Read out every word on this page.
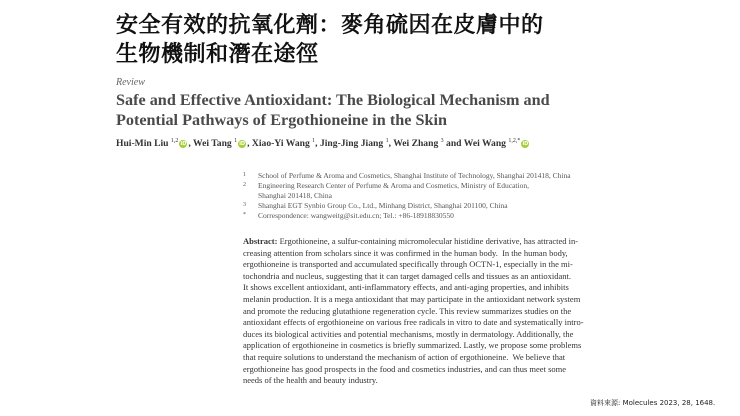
安全有效的抗氧化劑：麥角硫因在皮膚中的
生物機制和潛在途徑
Review
Safe and Effective Antioxidant: The Biological Mechanism and
Potential Pathways of Ergothioneine in the Skin
Hui-Min Liu $^{1,2}$iD , Wei Tang $^1$iD , Xiao-Yi Wang $^1$, Jing-Jing Jiang $^1$, Wei Zhang $^3$ and Wei Wang $^{1,2,*}$iD
1 School of Perfume & Aroma and Cosmetics, Shanghai Institute of Technology, Shanghai 201418, China
2 Engineering Research Center of Perfume & Aroma and Cosmetics, Ministry of Education,
Shanghai 201418, China
3 Shanghai EGT Synbio Group Co., Ltd., Minhang District, Shanghai 201100, China
* Correspondence: wangweitg@sit.edu.cn; Tel.: +86-18918830550
Abstract: Ergothioneine, a sulfur-containing micromolecular histidine derivative, has attracted in-
creasing attention from scholars since it was confirmed in the human body.  In the human body,
ergothioneine is transported and accumulated specifically through OCTN-1, especially in the mi-
tochondria and nucleus, suggesting that it can target damaged cells and tissues as an antioxidant.
It shows excellent antioxidant, anti-inflammatory effects, and anti-aging properties, and inhibits
melanin production. It is a mega antioxidant that may participate in the antioxidant network system
and promote the reducing glutathione regeneration cycle. This review summarizes studies on the
antioxidant effects of ergothioneine on various free radicals in vitro to date and systematically intro-
duces its biological activities and potential mechanisms, mostly in dermatology. Additionally, the
application of ergothioneine in cosmetics is briefly summarized. Lastly, we propose some problems
that require solutions to understand the mechanism of action of ergothioneine.  We believe that
ergothioneine has good prospects in the food and cosmetics industries, and can thus meet some
needs of the health and beauty industry.
資料來源: Molecules 2023, 28, 1648.
